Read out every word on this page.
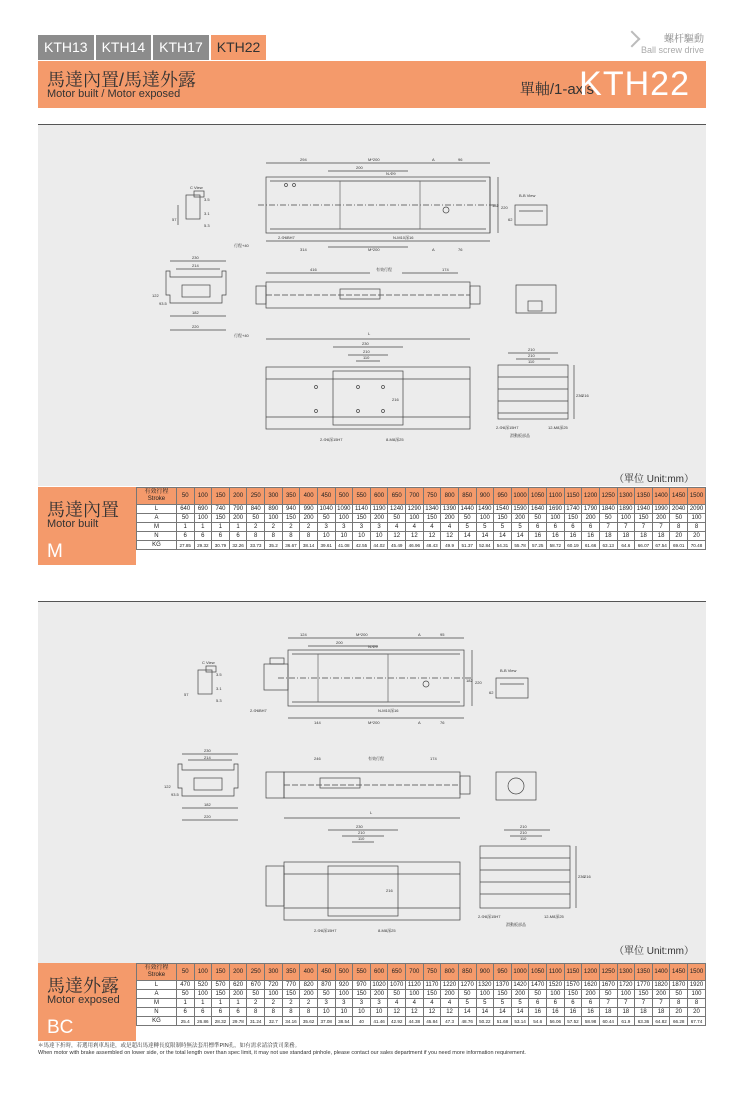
KTH13	KTH14	KTH17	KTH22	螺杆驅動
Ball screw drive
馬達內置/馬達外露
Motor built / Motor exposed	單軸/1-axis
KTH22
294	M*200	A	96
200
N-Φ9
182 220
2-Φ6BH7	N-M10深16
314	M*200	A	76
行程+40
C View
3.5
57
5.3
3.1
B-B View
62
230
214
182
220
122
93.5
416	有效行程	174
L
行程+40
230
210
110
216
2-Φ8深15H7	8-M8深25
210
210
110
236 216
2-Φ8深15H7	12-M8深25
滑動板部品
（單位 Unit:mm）
馬達內置
Motor built
M
有效行程
Stroke	50	100	150	200	250	300	350	400	450	500	550	600	650	700	750	800	850	900	950	1000	1050	1100	1150	1200	1250	1300	1350	1400	1450	1500
L	640	690	740	790	840	890	940	990	1040	1090	1140	1190	1240	1290	1340	1390	1440	1490	1540	1590	1640	1690	1740	1790	1840	1890	1940	1990	2040	2090
A	50	100	150	200	50	100	150	200	50	100	150	200	50	100	150	200	50	100	150	200	50	100	150	200	50	100	150	200	50	100
M	1	1	1	1	2	2	2	2	3	3	3	3	4	4	4	4	5	5	5	5	6	6	6	6	7	7	7	7	8	8
N	6	6	6	6	8	8	8	8	10	10	10	10	12	12	12	12	14	14	14	14	16	16	16	16	18	18	18	18	20	20
KG	27.85	29.32	30.79	32.26	33.73	35.2	36.67	38.14	39.61	41.08	42.55	44.02	45.49	46.96	48.43	49.9	51.37	52.84	54.31	55.78	57.25	58.72	60.19	61.66	63.13	64.6	66.07	67.54	69.01	70.48
124	M*200	A	95
200
N-Φ9
182 220
2-Φ6BH7	N-M10深16
144	M*200	A	76
C View
3.5
57
5.3
3.1
B-B View
62
230
214
182
220
122
93.5
246	有效行程	174
L
230
210
110
216
2-Φ8深15H7	8-M8深25
210
210
110
236 216
2-Φ8深15H7	12-M8深25
滑動板部品
（單位 Unit:mm）
馬達外露
Motor exposed
BC
有效行程
Stroke	50	100	150	200	250	300	350	400	450	500	550	600	650	700	750	800	850	900	950	1000	1050	1100	1150	1200	1250	1300	1350	1400	1450	1500
L	470	520	570	620	670	720	770	820	870	920	970	1020	1070	1120	1170	1220	1270	1320	1370	1420	1470	1520	1570	1620	1670	1720	1770	1820	1870	1920
A	50	100	150	200	50	100	150	200	50	100	150	200	50	100	150	200	50	100	150	200	50	100	150	200	50	100	150	200	50	100
M	1	1	1	1	2	2	2	2	3	3	3	3	4	4	4	4	5	5	5	5	6	6	6	6	7	7	7	7	8	8
N	6	6	6	6	8	8	8	8	10	10	10	10	12	12	12	12	14	14	14	14	16	16	16	16	18	18	18	18	20	20
KG	25.4	26.86	28.32	29.78	31.24	32.7	34.16	35.62	37.08	38.54	40	41.46	42.92	44.38	45.84	47.3	48.76	50.22	51.68	53.14	54.6	56.06	57.52	58.98	60.44	61.9	63.36	64.82	66.28	67.74
＊馬達下折時，若選用剎車馬達，或是超出馬達轉長度限制時無法套用標準PIN孔，如有需求請洽貴司業務。
When motor with brake assembled on lower side, or the total length over than spec limit, it may not use standard pinhole, please contact our sales department if you need more information requirement.
